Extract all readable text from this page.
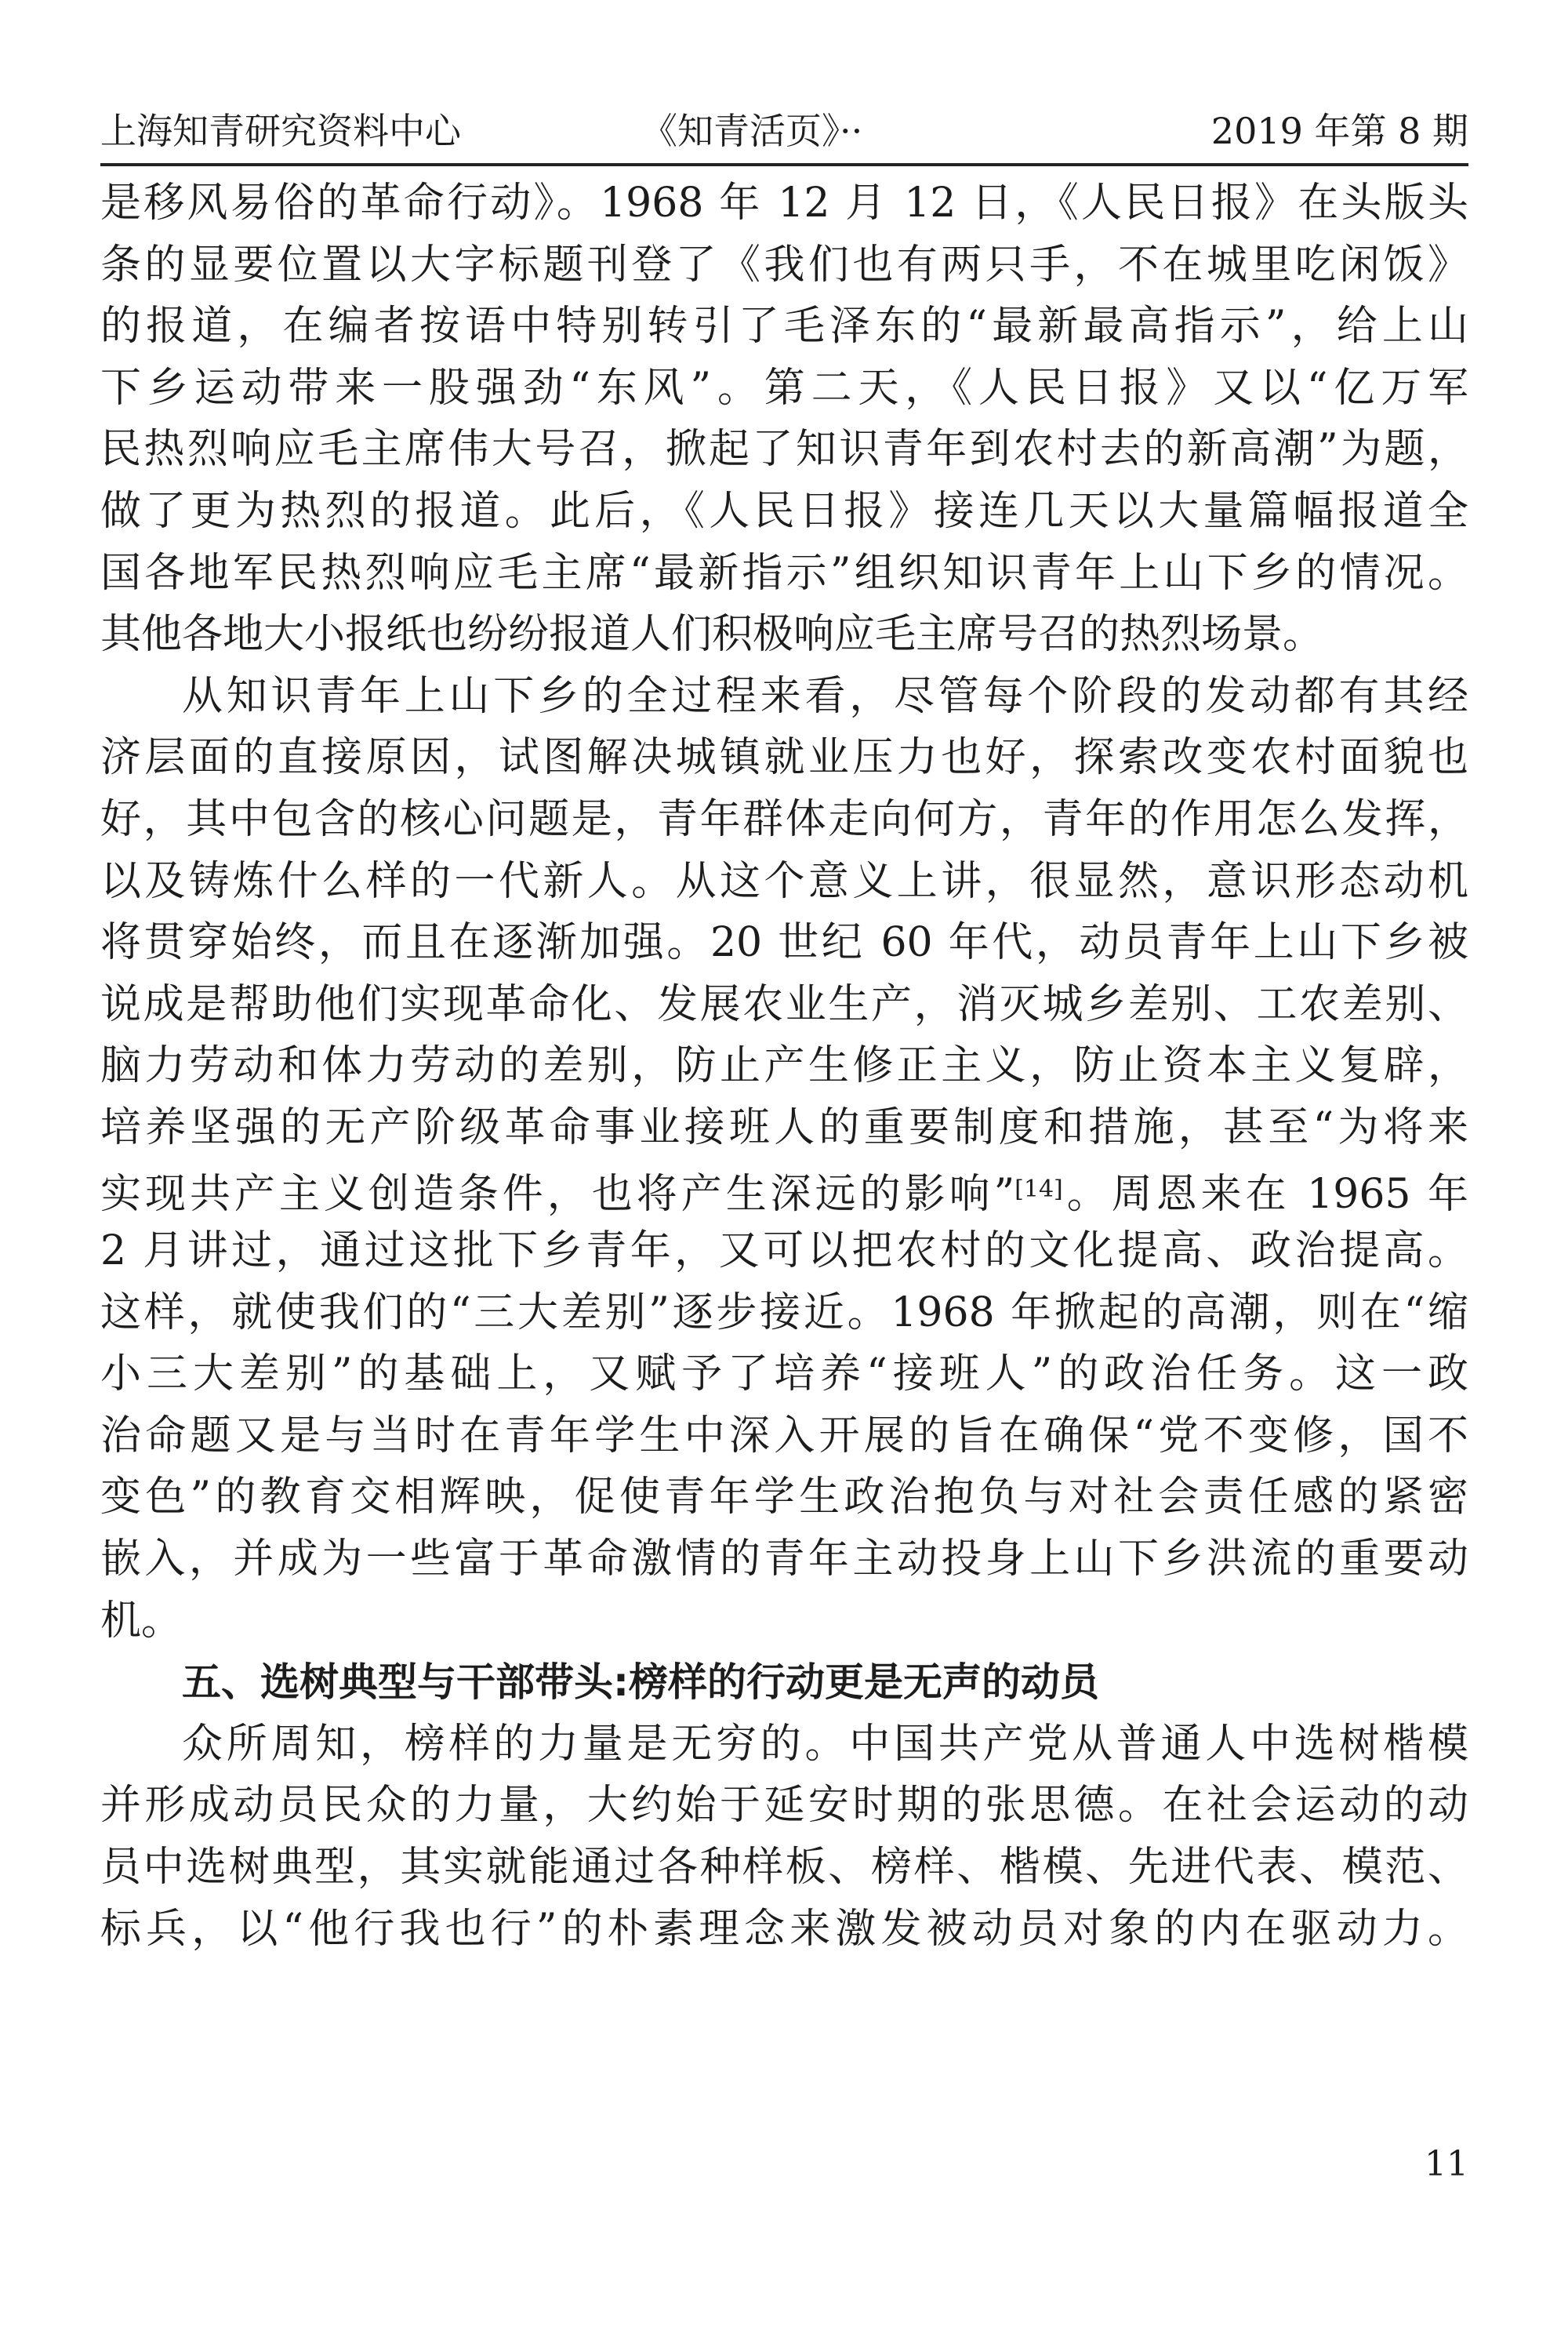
上海知青研究资料中心	《知青活页》··	2019 年第 8 期
是移风易俗的革命行动》。1968 年 12 月 12 日，《人民日报》在头版头
条的显要位置以大字标题刊登了《我们也有两只手，不在城里吃闲饭》
的报道，在编者按语中特别转引了毛泽东的“最新最高指示”，给上山
下乡运动带来一股强劲“东风”。第二天，《人民日报》又以“亿万军
民热烈响应毛主席伟大号召，掀起了知识青年到农村去的新高潮”为题，
做了更为热烈的报道。此后，《人民日报》接连几天以大量篇幅报道全
国各地军民热烈响应毛主席“最新指示”组织知识青年上山下乡的情况。
其他各地大小报纸也纷纷报道人们积极响应毛主席号召的热烈场景。
从知识青年上山下乡的全过程来看，尽管每个阶段的发动都有其经
济层面的直接原因，试图解决城镇就业压力也好，探索改变农村面貌也
好，其中包含的核心问题是，青年群体走向何方，青年的作用怎么发挥，
以及铸炼什么样的一代新人。从这个意义上讲，很显然，意识形态动机
将贯穿始终，而且在逐渐加强。20 世纪 60 年代，动员青年上山下乡被
说成是帮助他们实现革命化、发展农业生产，消灭城乡差别、工农差别、
脑力劳动和体力劳动的差别，防止产生修正主义，防止资本主义复辟，
培养坚强的无产阶级革命事业接班人的重要制度和措施，甚至“为将来
实现共产主义创造条件，也将产生深远的影响”[14]。周恩来在 1965 年
2 月讲过，通过这批下乡青年，又可以把农村的文化提高、政治提高。
这样，就使我们的“三大差别”逐步接近。1968 年掀起的高潮，则在“缩
小三大差别”的基础上，又赋予了培养“接班人”的政治任务。这一政
治命题又是与当时在青年学生中深入开展的旨在确保“党不变修，国不
变色”的教育交相辉映，促使青年学生政治抱负与对社会责任感的紧密
嵌入，并成为一些富于革命激情的青年主动投身上山下乡洪流的重要动
机。
五、选树典型与干部带头:榜样的行动更是无声的动员
众所周知，榜样的力量是无穷的。中国共产党从普通人中选树楷模
并形成动员民众的力量，大约始于延安时期的张思德。在社会运动的动
员中选树典型，其实就能通过各种样板、榜样、楷模、先进代表、模范、
标兵，以“他行我也行”的朴素理念来激发被动员对象的内在驱动力。
11
